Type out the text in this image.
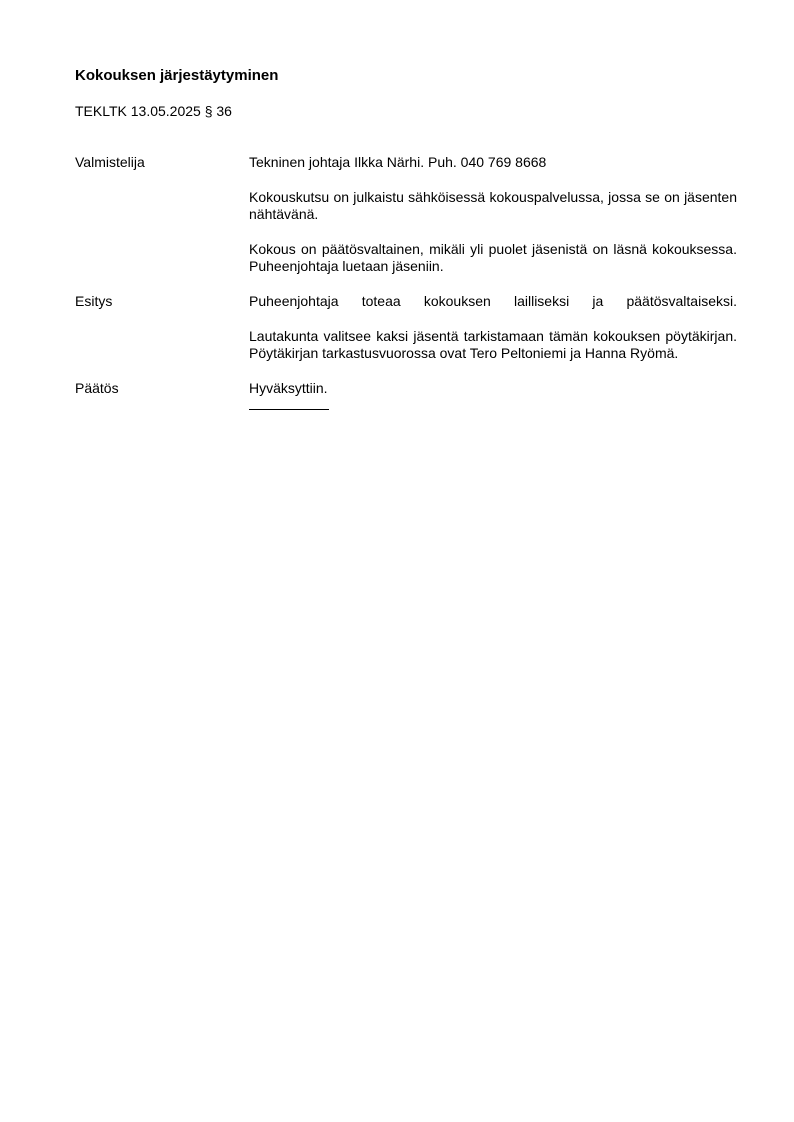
Kokouksen järjestäytyminen

TEKLTK 13.05.2025 § 36

Valmistelija	Tekninen johtaja Ilkka Närhi. Puh. 040 769 8668

Kokouskutsu on julkaistu sähköisessä kokouspalvelussa, jossa se on jäsenten nähtävänä.

Kokous on päätösvaltainen, mikäli yli puolet jäsenistä on läsnä kokouksessa. Puheenjohtaja luetaan jäseniin.

Esitys	Puheenjohtaja toteaa kokouksen lailliseksi ja päätösvaltaiseksi.

Lautakunta valitsee kaksi jäsentä tarkistamaan tämän kokouksen pöytäkirjan. Pöytäkirjan tarkastusvuorossa ovat Tero Peltoniemi ja Hanna Ryömä.

Päätös	Hyväksyttiin.
